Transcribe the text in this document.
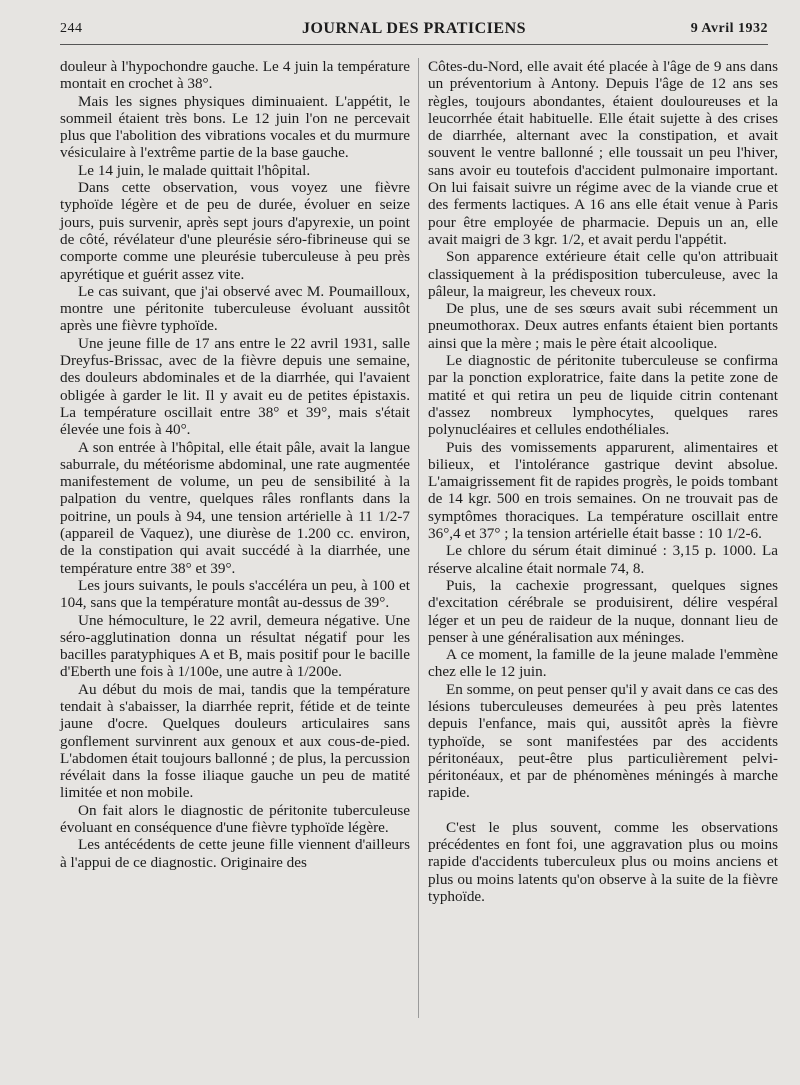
244	JOURNAL DES PRATICIENS	9 Avril 1932

douleur à l'hypochondre gauche. Le 4 juin la température montait en crochet à 38°.

Mais les signes physiques diminuaient. L'appétit, le sommeil étaient très bons. Le 12 juin l'on ne percevait plus que l'abolition des vibrations vocales et du murmure vésiculaire à l'extrême partie de la base gauche.

Le 14 juin, le malade quittait l'hôpital.

Dans cette observation, vous voyez une fièvre typhoïde légère et de peu de durée, évoluer en seize jours, puis survenir, après sept jours d'apyrexie, un point de côté, révélateur d'une pleurésie séro-fibrineuse qui se comporte comme une pleurésie tuberculeuse à peu près apyrétique et guérit assez vite.

Le cas suivant, que j'ai observé avec M. Poumailloux, montre une péritonite tuberculeuse évoluant aussitôt après une fièvre typhoïde.

Une jeune fille de 17 ans entre le 22 avril 1931, salle Dreyfus-Brissac, avec de la fièvre depuis une semaine, des douleurs abdominales et de la diarrhée, qui l'avaient obligée à garder le lit. Il y avait eu de petites épistaxis. La température oscillait entre 38° et 39°, mais s'était élevée une fois à 40°.

A son entrée à l'hôpital, elle était pâle, avait la langue saburrale, du météorisme abdominal, une rate augmentée manifestement de volume, un peu de sensibilité à la palpation du ventre, quelques râles ronflants dans la poitrine, un pouls à 94, une tension artérielle à 11 1/2-7 (appareil de Vaquez), une diurèse de 1.200 cc. environ, de la constipation qui avait succédé à la diarrhée, une température entre 38° et 39°.

Les jours suivants, le pouls s'accéléra un peu, à 100 et 104, sans que la température montât au-dessus de 39°.

Une hémoculture, le 22 avril, demeura négative. Une séro-agglutination donna un résultat négatif pour les bacilles paratyphiques A et B, mais positif pour le bacille d'Eberth une fois à 1/100e, une autre à 1/200e.

Au début du mois de mai, tandis que la température tendait à s'abaisser, la diarrhée reprit, fétide et de teinte jaune d'ocre. Quelques douleurs articulaires sans gonflement survinrent aux genoux et aux cous-de-pied. L'abdomen était toujours ballonné ; de plus, la percussion révélait dans la fosse iliaque gauche un peu de matité limitée et non mobile.

On fait alors le diagnostic de péritonite tuberculeuse évoluant en conséquence d'une fièvre typhoïde légère.

Les antécédents de cette jeune fille viennent d'ailleurs à l'appui de ce diagnostic. Originaire des

Côtes-du-Nord, elle avait été placée à l'âge de 9 ans dans un préventorium à Antony. Depuis l'âge de 12 ans ses règles, toujours abondantes, étaient douloureuses et la leucorrhée était habituelle. Elle était sujette à des crises de diarrhée, alternant avec la constipation, et avait souvent le ventre ballonné ; elle toussait un peu l'hiver, sans avoir eu toutefois d'accident pulmonaire important. On lui faisait suivre un régime avec de la viande crue et des ferments lactiques. A 16 ans elle était venue à Paris pour être employée de pharmacie. Depuis un an, elle avait maigri de 3 kgr. 1/2, et avait perdu l'appétit.

Son apparence extérieure était celle qu'on attribuait classiquement à la prédisposition tuberculeuse, avec la pâleur, la maigreur, les cheveux roux.

De plus, une de ses sœurs avait subi récemment un pneumothorax. Deux autres enfants étaient bien portants ainsi que la mère ; mais le père était alcoolique.

Le diagnostic de péritonite tuberculeuse se confirma par la ponction exploratrice, faite dans la petite zone de matité et qui retira un peu de liquide citrin contenant d'assez nombreux lymphocytes, quelques rares polynucléaires et cellules endothéliales.

Puis des vomissements apparurent, alimentaires et bilieux, et l'intolérance gastrique devint absolue. L'amaigrissement fit de rapides progrès, le poids tombant de 14 kgr. 500 en trois semaines. On ne trouvait pas de symptômes thoraciques. La température oscillait entre 36°,4 et 37° ; la tension artérielle était basse : 10 1/2-6.

Le chlore du sérum était diminué : 3,15 p. 1000. La réserve alcaline était normale 74, 8.

Puis, la cachexie progressant, quelques signes d'excitation cérébrale se produisirent, délire vespéral léger et un peu de raideur de la nuque, donnant lieu de penser à une généralisation aux méninges.

A ce moment, la famille de la jeune malade l'emmène chez elle le 12 juin.

En somme, on peut penser qu'il y avait dans ce cas des lésions tuberculeuses demeurées à peu près latentes depuis l'enfance, mais qui, aussitôt après la fièvre typhoïde, se sont manifestées par des accidents péritonéaux, peut-être plus particulièrement pelvi-péritonéaux, et par de phénomènes méningés à marche rapide.

C'est le plus souvent, comme les observations précédentes en font foi, une aggravation plus ou moins rapide d'accidents tuberculeux plus ou moins anciens et plus ou moins latents qu'on observe à la suite de la fièvre typhoïde.
